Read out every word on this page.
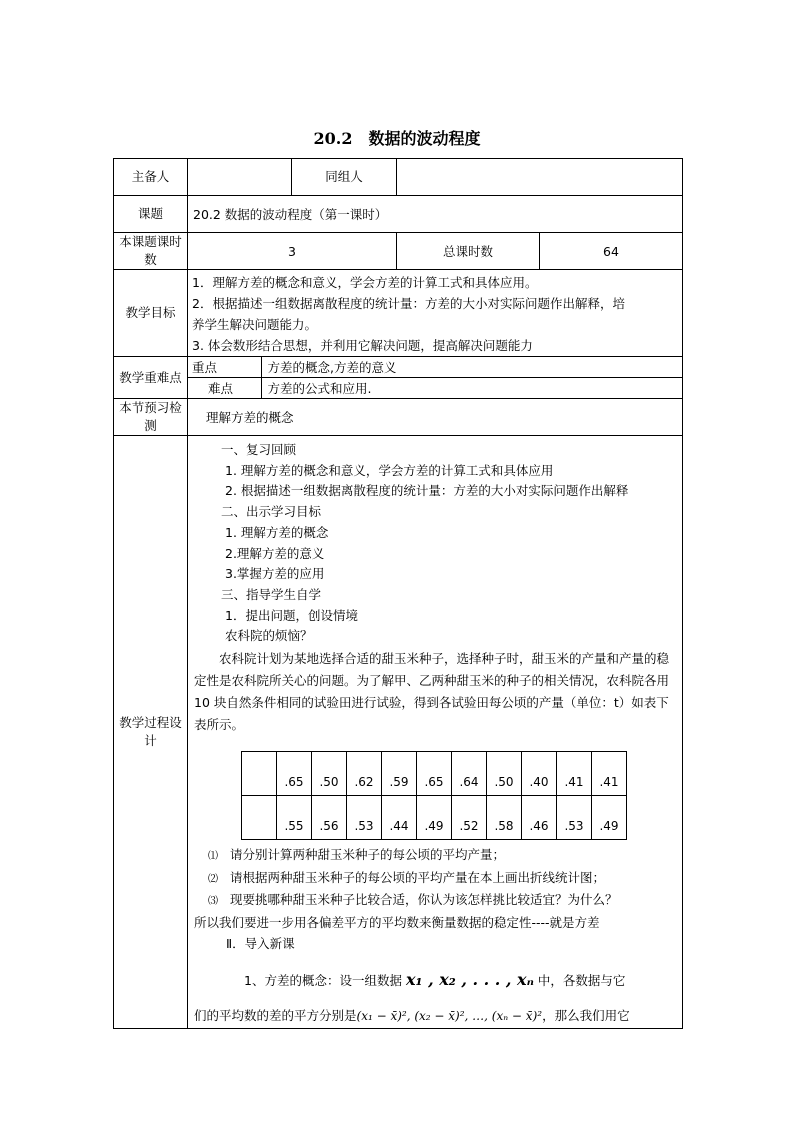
20.2　数据的波动程度
主备人		同组人	
课题	20.2 数据的波动程度（第一课时）
本课题课时数	3	总课时数	64
教学目标	
1．理解方差的概念和意义，学会方差的计算工式和具体应用。
2．根据描述一组数据离散程度的统计量：方差的大小对实际问题作出解释，培
养学生解决问题能力。
3. 体会数形结合思想，并利用它解决问题，提高解决问题能力

教学重难点	
重点	方差的概念,方差的意义
难点	方差的公式和应用.

本节预习检测	理解方差的概念
教学过程设计	
一、复习回顾
1. 理解方差的概念和意义，学会方差的计算工式和具体应用
2. 根据描述一组数据离散程度的统计量：方差的大小对实际问题作出解释
二、出示学习目标
1. 理解方差的概念
2.理解方差的意义
3.掌握方差的应用
三、指导学生自学
1．提出问题，创设情境
农科院的烦恼？
农科院计划为某地选择合适的甜玉米种子，选择种子时，甜玉米的产量和产量的稳定性是农科院所关心的问题。为了解甲、乙两种甜玉米的种子的相关情况，农科院各用 10 块自然条件相同的试验田进行试验，得到各试验田每公顷的产量（单位：t）如表下表所示。
	.65	.50	.62	.59	.65	.64	.50	.40	.41	.41
	.55	.56	.53	.44	.49	.52	.58	.46	.53	.49
⑴ 请分别计算两种甜玉米种子的每公顷的平均产量；
⑵ 请根据两种甜玉米种子的每公顷的平均产量在本上画出折线统计图；
⑶ 现要挑哪种甜玉米种子比较合适，你认为该怎样挑比较适宜？为什么？
所以我们要进一步用各偏差平方的平均数来衡量数据的稳定性----就是方差
Ⅱ．导入新课
1、方差的概念：设一组数据 x₁ , x₂ , . . . , xₙ 中，各数据与它
们的平均数的差的平方分别是(x₁ − x̄)², (x₂ − x̄)², …, (xₙ − x̄)²，那么我们用它
